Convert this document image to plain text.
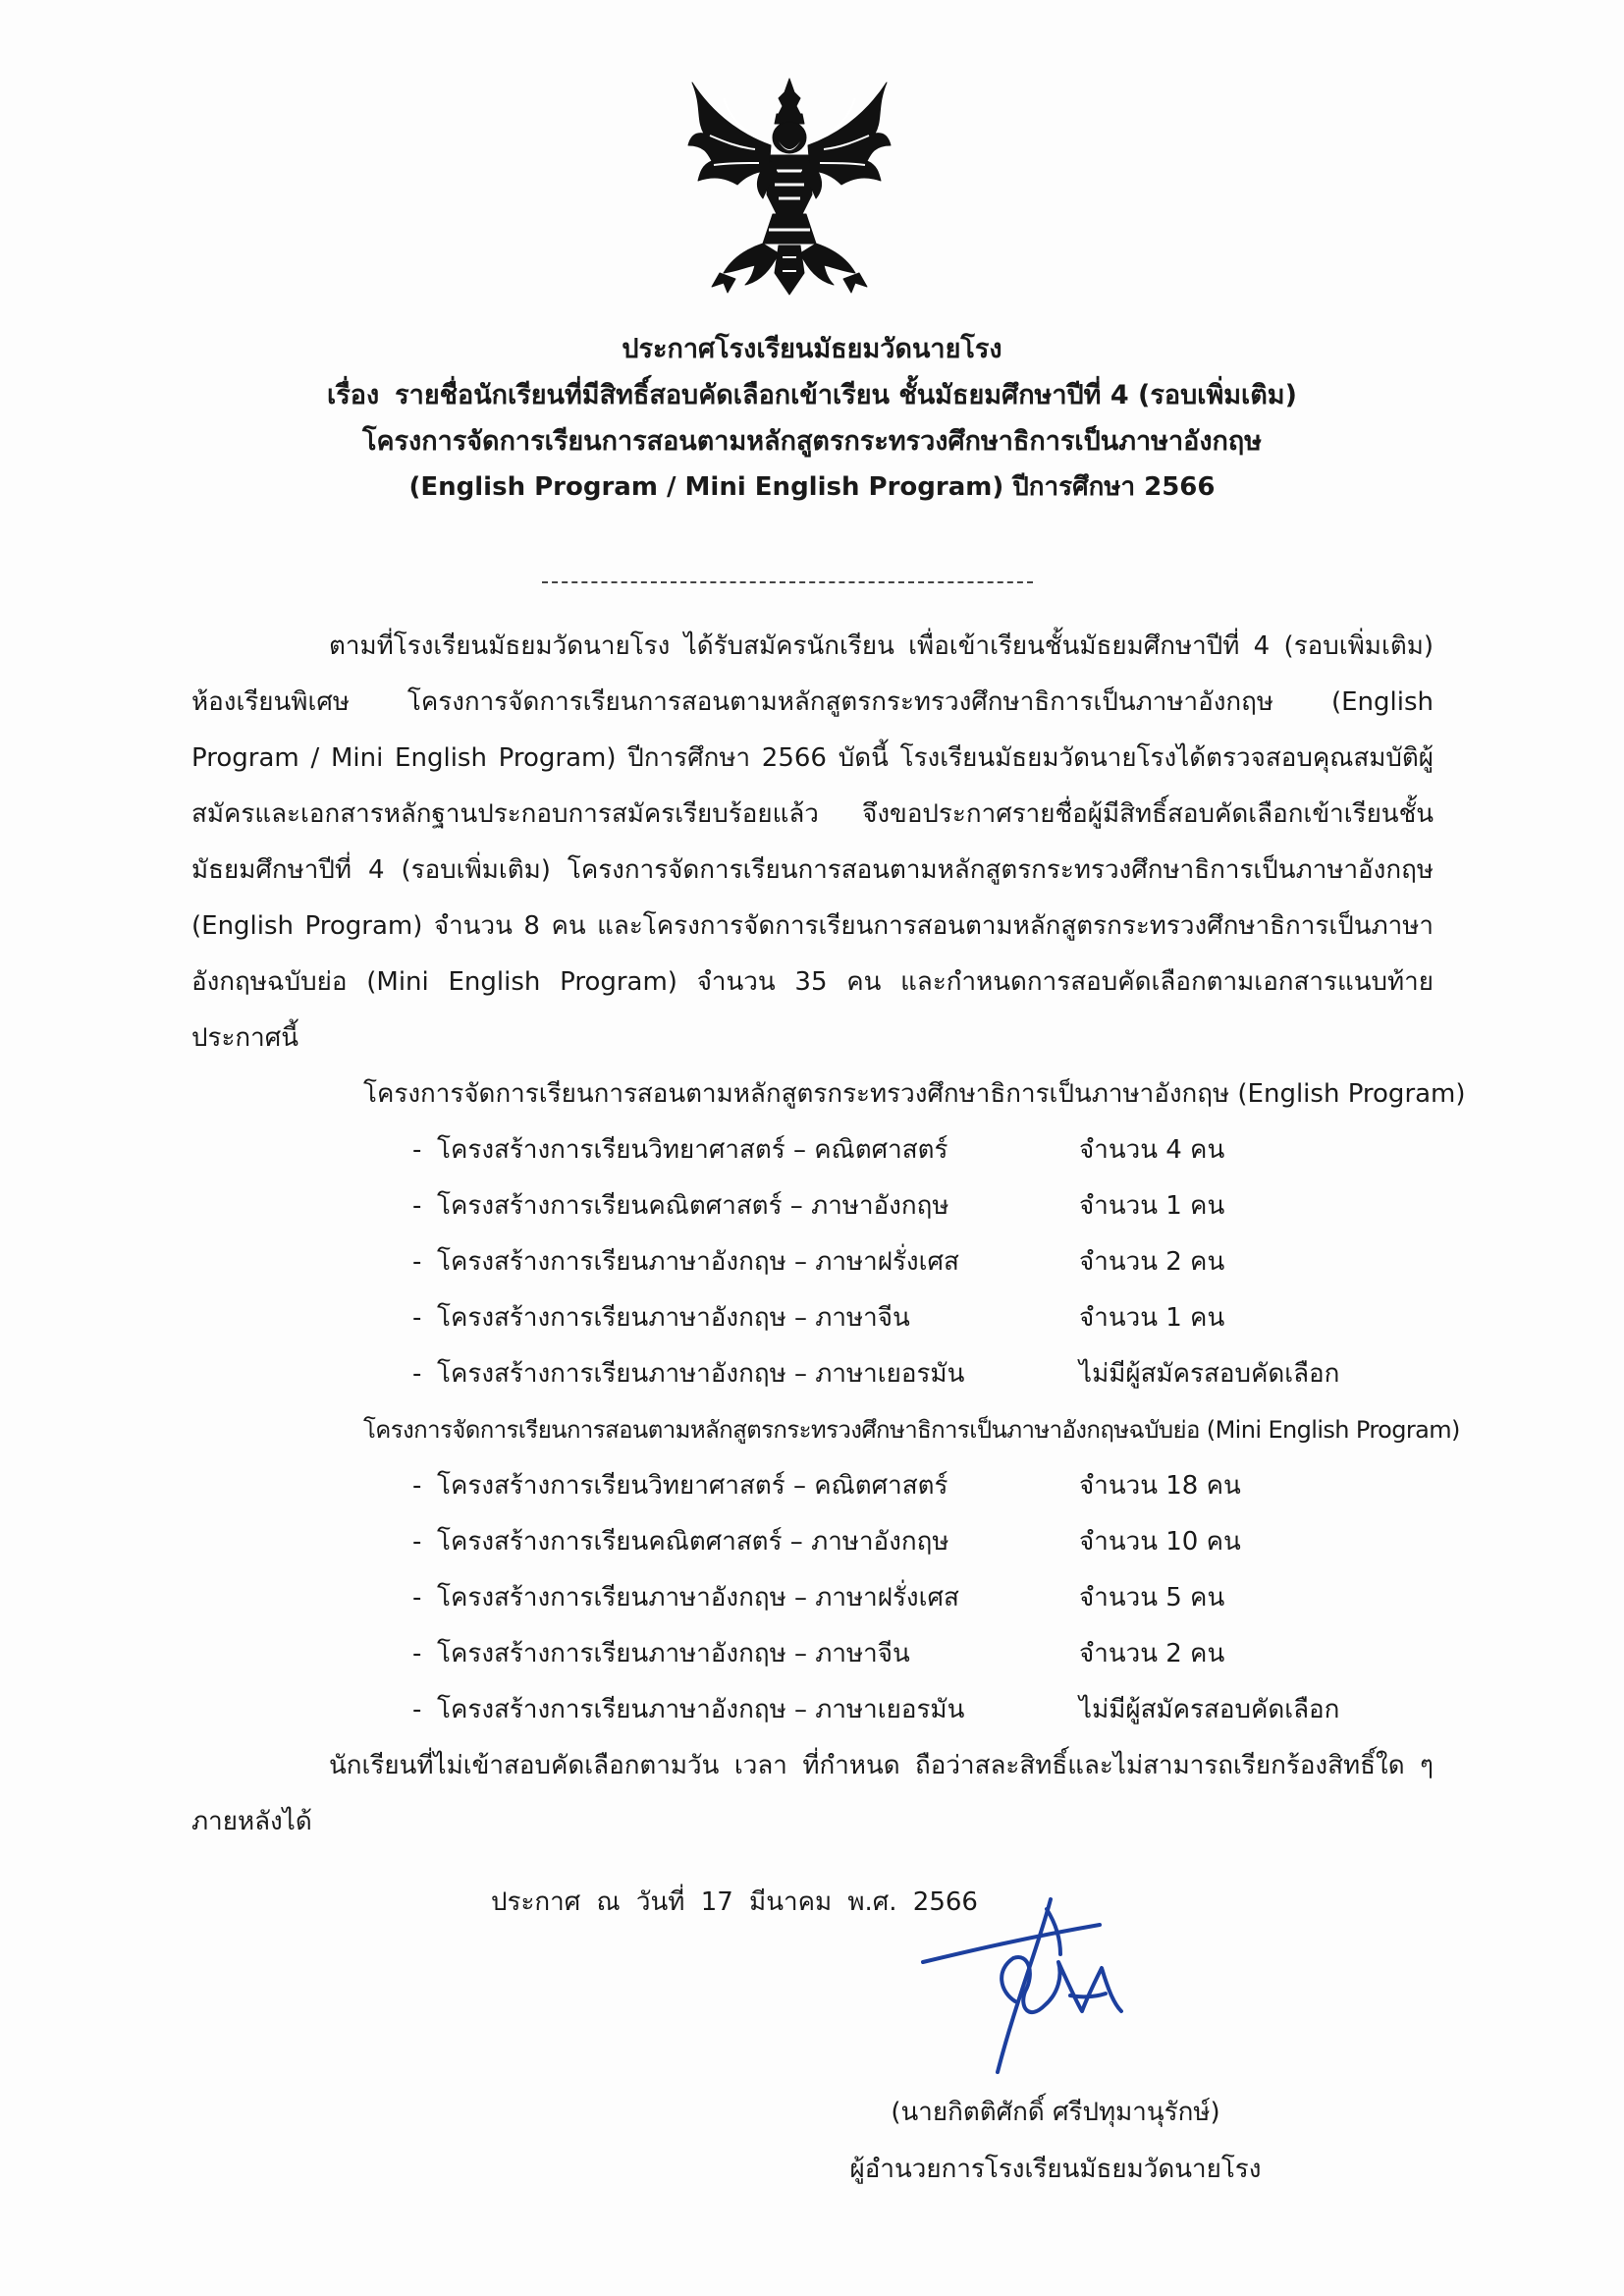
ประกาศโรงเรียนมัธยมวัดนายโรง
เรื่อง รายชื่อนักเรียนที่มีสิทธิ์สอบคัดเลือกเข้าเรียน ชั้นมัธยมศึกษาปีที่ 4 (รอบเพิ่มเติม)
โครงการจัดการเรียนการสอนตามหลักสูตรกระทรวงศึกษาธิการเป็นภาษาอังกฤษ
(English Program / Mini English Program) ปีการศึกษา 2566

ตามที่โรงเรียนมัธยมวัดนายโรง ได้รับสมัครนักเรียน เพื่อเข้าเรียนชั้นมัธยมศึกษาปีที่ 4 (รอบเพิ่มเติม) ห้องเรียนพิเศษ โครงการจัดการเรียนการสอนตามหลักสูตรกระทรวงศึกษาธิการเป็นภาษาอังกฤษ (English Program / Mini English Program) ปีการศึกษา 2566 บัดนี้ โรงเรียนมัธยมวัดนายโรงได้ตรวจสอบคุณสมบัติผู้สมัครและเอกสารหลักฐานประกอบการสมัครเรียบร้อยแล้ว จึงขอประกาศรายชื่อผู้มีสิทธิ์สอบคัดเลือกเข้าเรียนชั้นมัธยมศึกษาปีที่ 4 (รอบเพิ่มเติม) โครงการจัดการเรียนการสอนตามหลักสูตรกระทรวงศึกษาธิการเป็นภาษาอังกฤษ (English Program) จำนวน 8 คน และโครงการจัดการเรียนการสอนตามหลักสูตรกระทรวงศึกษาธิการเป็นภาษาอังกฤษฉบับย่อ (Mini English Program) จำนวน 35 คน และกำหนดการสอบคัดเลือกตามเอกสารแนบท้ายประกาศนี้

โครงการจัดการเรียนการสอนตามหลักสูตรกระทรวงศึกษาธิการเป็นภาษาอังกฤษ (English Program)

- โครงสร้างการเรียนวิทยาศาสตร์ – คณิตศาสตร์	จำนวน 4 คน
- โครงสร้างการเรียนคณิตศาสตร์ – ภาษาอังกฤษ	จำนวน 1 คน
- โครงสร้างการเรียนภาษาอังกฤษ – ภาษาฝรั่งเศส	จำนวน 2 คน
- โครงสร้างการเรียนภาษาอังกฤษ – ภาษาจีน	จำนวน 1 คน
- โครงสร้างการเรียนภาษาอังกฤษ – ภาษาเยอรมัน	ไม่มีผู้สมัครสอบคัดเลือก

โครงการจัดการเรียนการสอนตามหลักสูตรกระทรวงศึกษาธิการเป็นภาษาอังกฤษฉบับย่อ (Mini English Program)

- โครงสร้างการเรียนวิทยาศาสตร์ – คณิตศาสตร์	จำนวน 18 คน
- โครงสร้างการเรียนคณิตศาสตร์ – ภาษาอังกฤษ	จำนวน 10 คน
- โครงสร้างการเรียนภาษาอังกฤษ – ภาษาฝรั่งเศส	จำนวน 5 คน
- โครงสร้างการเรียนภาษาอังกฤษ – ภาษาจีน	จำนวน 2 คน
- โครงสร้างการเรียนภาษาอังกฤษ – ภาษาเยอรมัน	ไม่มีผู้สมัครสอบคัดเลือก

นักเรียนที่ไม่เข้าสอบคัดเลือกตามวัน เวลา ที่กำหนด ถือว่าสละสิทธิ์และไม่สามารถเรียกร้องสิทธิ์ใด ๆ ภายหลังได้

ประกาศ ณ วันที่ 17 มีนาคม พ.ศ. 2566
(นายกิตติศักดิ์ ศรีปทุมานุรักษ์)
ผู้อำนวยการโรงเรียนมัธยมวัดนายโรง
